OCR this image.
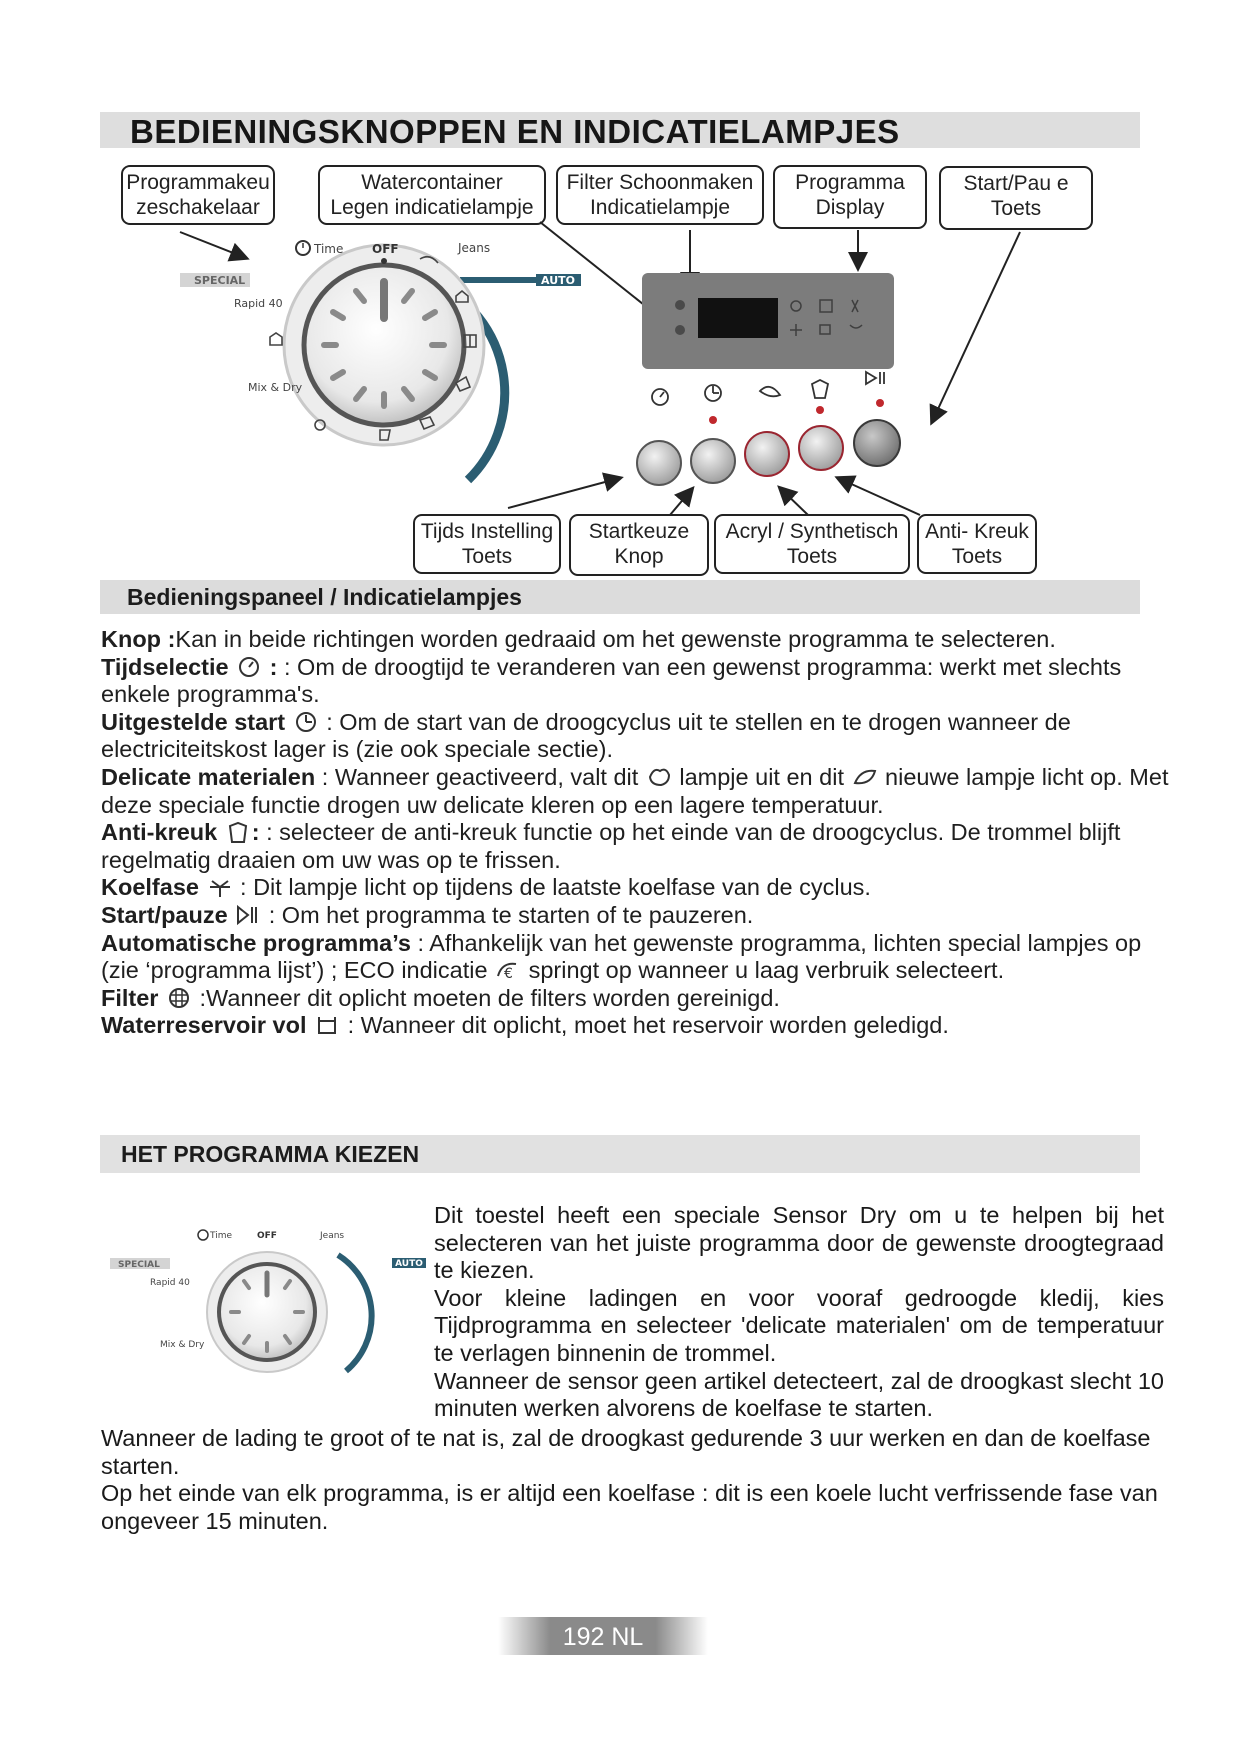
BEDIENINGSKNOPPEN EN INDICATIELAMPJES
Programmakeu
zeschakelaar
Watercontainer
Legen indicatielampje
Filter Schoonmaken
Indicatielampje
Programma
Display
Start/Pau e
Toets
AUTO
SPECIAL
Time OFF	Jeans
Rapid 40
Mix & Dry
Tijds Instelling
Toets
Startkeuze
Knop
Acryl / Synthetisch
Toets
Anti- Kreuk
Toets
Bedieningspaneel / Indicatielampjes
Knop :Kan in beide richtingen worden gedraaid om het gewenste programma te selecteren.
Tijdselectie : : Om de droogtijd te veranderen van een gewenst programma: werkt met slechts enkele programma's.
Uitgestelde start : Om de start van de droogcyclus uit te stellen en te drogen wanneer de electriciteitskost lager is (zie ook speciale sectie).
Delicate materialen : Wanneer geactiveerd, valt dit lampje uit en dit nieuwe lampje licht op. Met deze speciale functie drogen uw delicate kleren op een lagere temperatuur.
Anti-kreuk : : selecteer de anti-kreuk functie op het einde van de droogcyclus. De trommel blijft regelmatig draaien om uw was op te frissen.
Koelfase : Dit lampje licht op tijdens de laatste koelfase van de cyclus.
Start/pauze : Om het programma te starten of te pauzeren.
Automatische programma’s : Afhankelijk van het gewenste programma, lichten special lampjes op (zie ‘programma lijst’) ; ECO indicatie € springt op wanneer u laag verbruik selecteert.
Filter :Wanneer dit oplicht moeten de filters worden gereinigd.
Waterreservoir vol : Wanneer dit oplicht, moet het reservoir worden geledigd.
HET PROGRAMMA KIEZEN
AUTO
SPECIAL
Time	OFF	Jeans
Rapid 40
Mix & Dry
Dit toestel heeft een speciale Sensor Dry om u te helpen bij het selecteren van het juiste programma door de gewenste droogtegraad te kiezen.
Voor kleine ladingen en voor vooraf gedroogde kledij, kies Tijdprogramma en selecteer 'delicate materialen' om de temperatuur te verlagen binnenin de trommel.
Wanneer de sensor geen artikel detecteert, zal de droogkast slecht 10 minuten werken alvorens de koelfase te starten.
Wanneer de lading te groot of te nat is, zal de droogkast gedurende 3 uur werken en dan de koelfase starten.
Op het einde van elk programma, is er altijd een koelfase : dit is een koele lucht verfrissende fase van ongeveer 15 minuten.
192 NL
